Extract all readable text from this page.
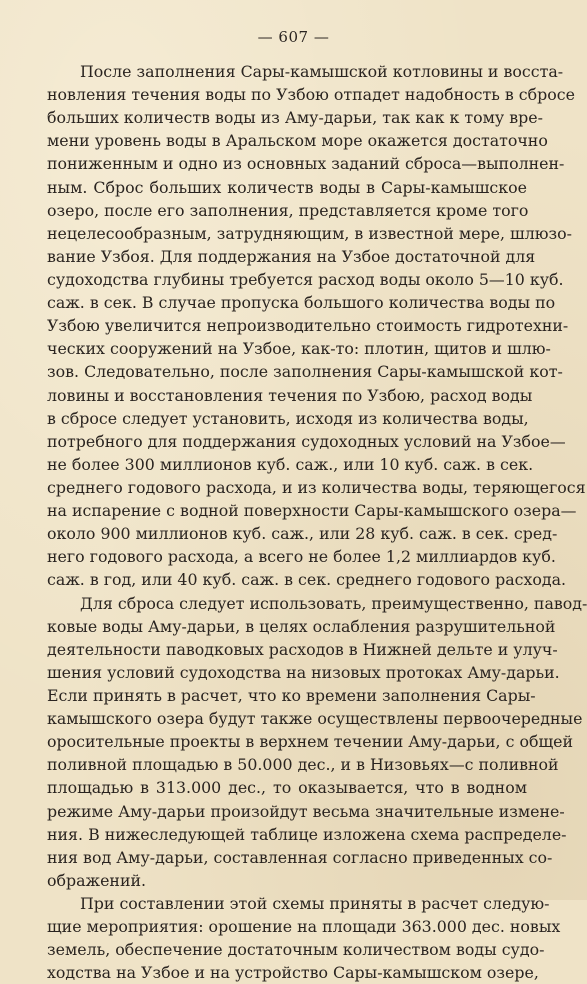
— 607 —

После заполнения Сары-камышской котловины и восста-
новления течения воды по Узбою отпадет надобность в сбросе
больших количеств воды из Аму-дарьи, так как к тому вре-
мени уровень воды в Аральском море окажется достаточно
пониженным и одно из основных заданий сброса—выполнен-
ным. Сброс больших количеств воды в Сары-камышское
озеро, после его заполнения, представляется кроме того
нецелесообразным, затрудняющим, в известной мере, шлюзо-
вание Узбоя. Для поддержания на Узбое достаточной для
судоходства глубины требуется расход воды около 5—10 куб.
саж. в сек. В случае пропуска большого количества воды по
Узбою увеличится непроизводительно стоимость гидротехни-
ческих сооружений на Узбое, как-то: плотин, щитов и шлю-
зов. Следовательно, после заполнения Сары-камышской кот-
ловины и восстановления течения по Узбою, расход воды
в сбросе следует установить, исходя из количества воды,
потребного для поддержания судоходных условий на Узбое—
не более 300 миллионов куб. саж., или 10 куб. саж. в сек.
среднего годового расхода, и из количества воды, теряющегося
на испарение с водной поверхности Сары-камышского озера—
около 900 миллионов куб. саж., или 28 куб. саж. в сек. сред-
него годового расхода, а всего не более 1,2 миллиардов куб.
саж. в год, или 40 куб. саж. в сек. среднего годового расхода.

Для сброса следует использовать, преимущественно, павод-
ковые воды Аму-дарьи, в целях ослабления разрушительной
деятельности паводковых расходов в Нижней дельте и улуч-
шения условий судоходства на низовых протоках Аму-дарьи.
Если принять в расчет, что ко времени заполнения Сары-
камышского озера будут также осуществлены первоочередные
оросительные проекты в верхнем течении Аму-дарьи, с общей
поливной площадью в 50.000 дес., и в Низовьях—с поливной
площадью в 313.000 дес., то оказывается, что в водном
режиме Аму-дарьи произойдут весьма значительные измене-
ния. В нижеследующей таблице изложена схема распределе-
ния вод Аму-дарьи, составленная согласно приведенных со-
ображений.

При составлении этой схемы приняты в расчет следую-
щие мероприятия: орошение на площади 363.000 дес. новых
земель, обеспечение достаточным количеством воды судо-
ходства на Узбое и на устройство Сары-камышском озере,
